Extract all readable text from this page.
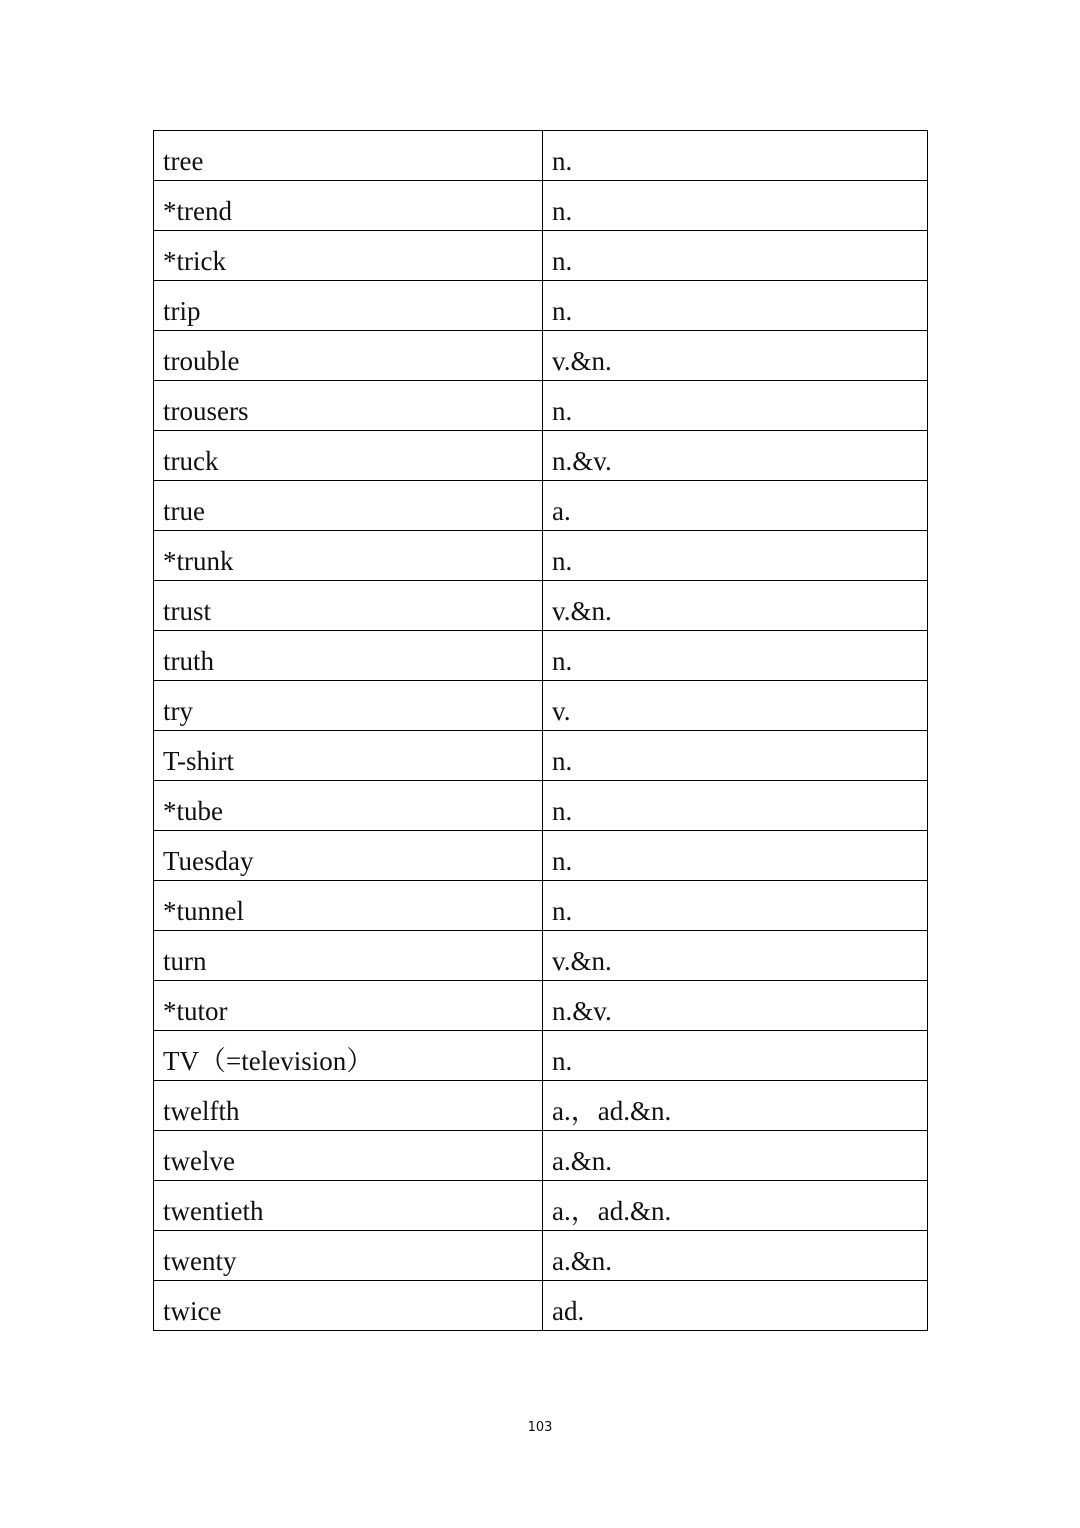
tree	n.
*trend	n.
*trick	n.
trip	n.
trouble	v.&n.
trousers	n.
truck	n.&v.
true	a.
*trunk	n.
trust	v.&n.
truth	n.
try	v.
T-shirt	n.
*tube	n.
Tuesday	n.
*tunnel	n.
turn	v.&n.
*tutor	n.&v.
TV（=television）	n.
twelfth	a.，ad.&n.
twelve	a.&n.
twentieth	a.，ad.&n.
twenty	a.&n.
twice	ad.
103
